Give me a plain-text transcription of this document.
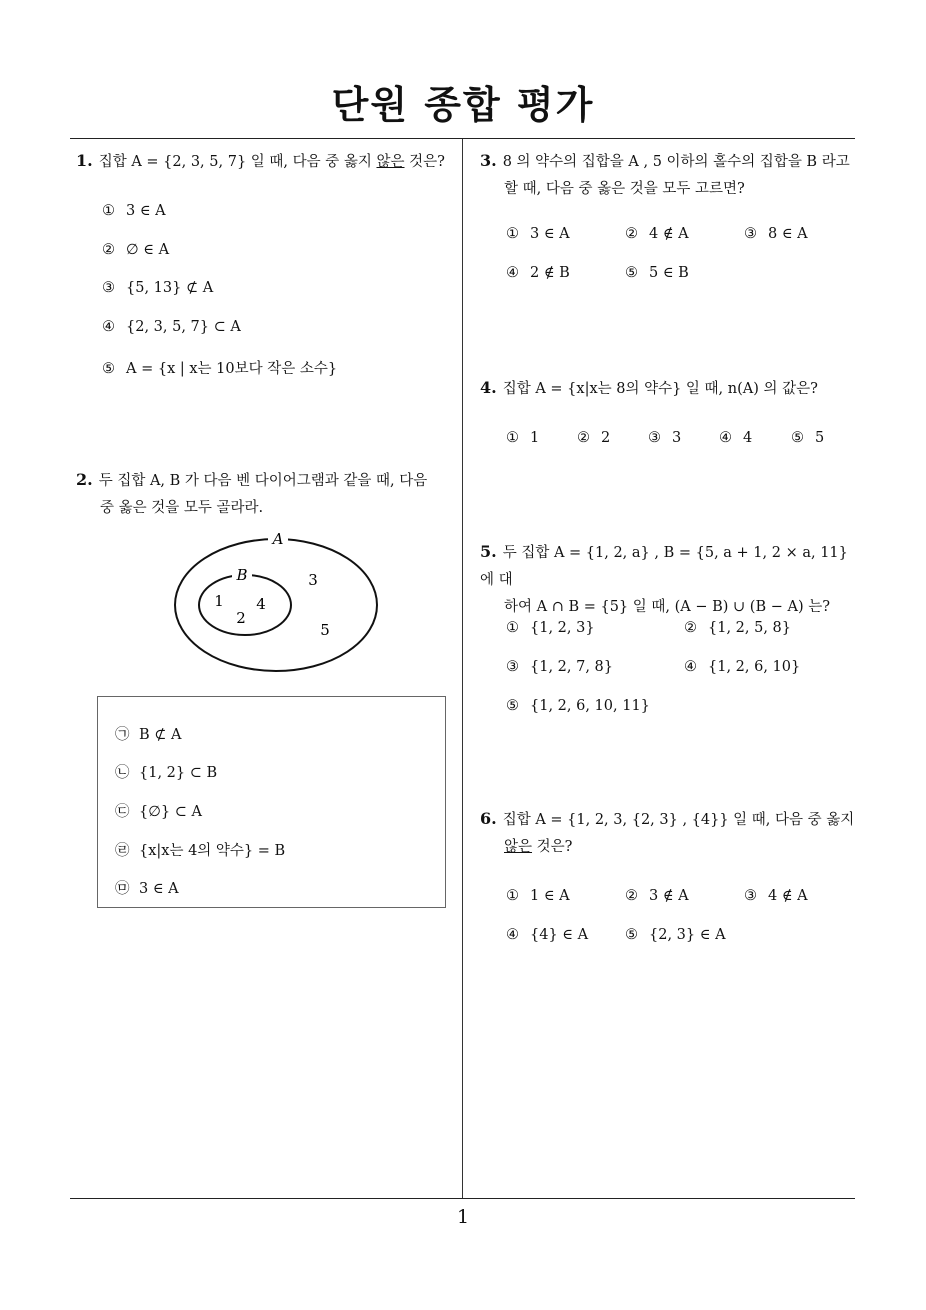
단원 종합 평가
1
1. 집합 A = {2, 3, 5, 7} 일 때, 다음 중 옳지 않은 것은?
① 3 ∈ A
② ∅ ∈ A
③ {5, 13} ⊄ A
④ {2, 3, 5, 7} ⊂ A
⑤ A = {x | x는 10보다 작은 소수}
2. 두 집합 A, B 가 다음 벤 다이어그램과 같을 때, 다음
중 옳은 것을 모두 골라라.
A
B
1
2
4
3
5
㉠ B ⊄ A
㉡ {1, 2} ⊂ B
㉢ {∅} ⊂ A
㉣ {x|x는 4의 약수} = B
㉤ 3 ∈ A
3. 8 의 약수의 집합을 A , 5 이하의 홀수의 집합을 B 라고
할 때, 다음 중 옳은 것을 모두 고르면?
① 3 ∈ A	② 4 ∉ A	③ 8 ∈ A
④ 2 ∉ B	⑤ 5 ∈ B
4. 집합 A = {x|x는 8의 약수} 일 때, n(A) 의 값은?
① 1	② 2	③ 3	④ 4	⑤ 5
5. 두 집합 A = {1, 2, a} , B = {5, a + 1, 2 × a, 11} 에 대
하여 A ∩ B = {5} 일 때, (A − B) ∪ (B − A) 는?
① {1, 2, 3}	② {1, 2, 5, 8}
③ {1, 2, 7, 8}	④ {1, 2, 6, 10}
⑤ {1, 2, 6, 10, 11}
6. 집합 A = {1, 2, 3, {2, 3} , {4}} 일 때, 다음 중 옳지
않은 것은?
① 1 ∈ A	② 3 ∉ A	③ 4 ∉ A
④ {4} ∈ A	⑤ {2, 3} ∈ A
